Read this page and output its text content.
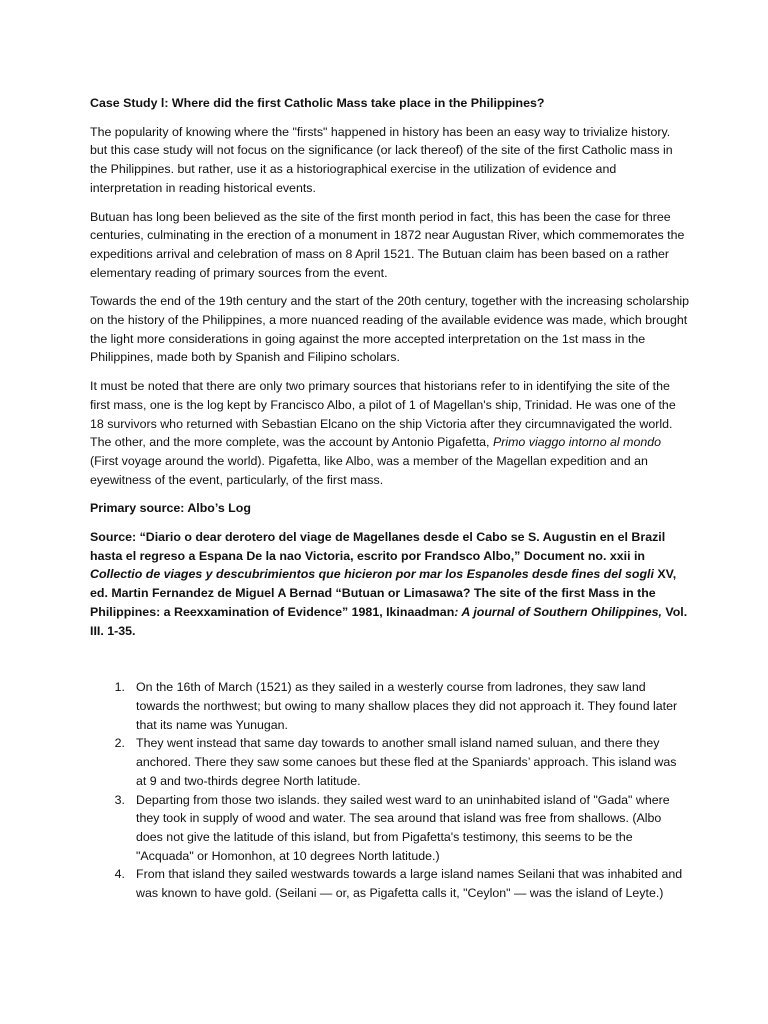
Case Study l: Where did the first Catholic Mass take place in the Philippines?

The popularity of knowing where the "firsts" happened in history has been an easy way to trivialize history. but this case study will not focus on the significance (or lack thereof) of the site of the first Catholic mass in the Philippines. but rather, use it as a historiographical exercise in the utilization of evidence and interpretation in reading historical events.

Butuan has long been believed as the site of the first month period in fact, this has been the case for three centuries, culminating in the erection of a monument in 1872 near Augustan River, which commemorates the expeditions arrival and celebration of mass on 8 April 1521. The Butuan claim has been based on a rather elementary reading of primary sources from the event.

Towards the end of the 19th century and the start of the 20th century, together with the increasing scholarship on the history of the Philippines, a more nuanced reading of the available evidence was made, which brought the light more considerations in going against the more accepted interpretation on the 1st mass in the Philippines, made both by Spanish and Filipino scholars.

It must be noted that there are only two primary sources that historians refer to in identifying the site of the first mass, one is the log kept by Francisco Albo, a pilot of 1 of Magellan's ship, Trinidad. He was one of the 18 survivors who returned with Sebastian Elcano on the ship Victoria after they circumnavigated the world. The other, and the more complete, was the account by Antonio Pigafetta, Primo viaggo intorno al mondo (First voyage around the world). Pigafetta, like Albo, was a member of the Magellan expedition and an eyewitness of the event, particularly, of the first mass.

Primary source: Albo’s Log

Source: “Diario o dear derotero del viage de Magellanes desde el Cabo se S. Augustin en el Brazil hasta el regreso a Espana De la nao Victoria, escrito por Frandsco Albo,” Document no. xxii in Collectio de viages y descubrimientos que hicieron por mar los Espanoles desde fines del sogli XV, ed. Martin Fernandez de Miguel A Bernad “Butuan or Limasawa? The site of the first Mass in the Philippines: a Reexxamination of Evidence” 1981, Ikinaadman: A journal of Southern Ohilippines, Vol. III. 1-35.

1. On the 16th of March (1521) as they sailed in a westerly course from ladrones, they saw land towards the northwest; but owing to many shallow places they did not approach it. They found later that its name was Yunugan.
2. They went instead that same day towards to another small island named suluan, and there they anchored. There they saw some canoes but these fled at the Spaniards’ approach. This island was at 9 and two-thirds degree North latitude.
3. Departing from those two islands. they sailed west ward to an uninhabited island of "Gada" where they took in supply of wood and water. The sea around that island was free from shallows. (Albo does not give the latitude of this island, but from Pigafetta's testimony, this seems to be the "Acquada" or Homonhon, at 10 degrees North latitude.)
4. From that island they sailed westwards towards a large island names Seilani that was inhabited and was known to have gold. (Seilani — or, as Pigafetta calls it, "Ceylon" — was the island of Leyte.)
